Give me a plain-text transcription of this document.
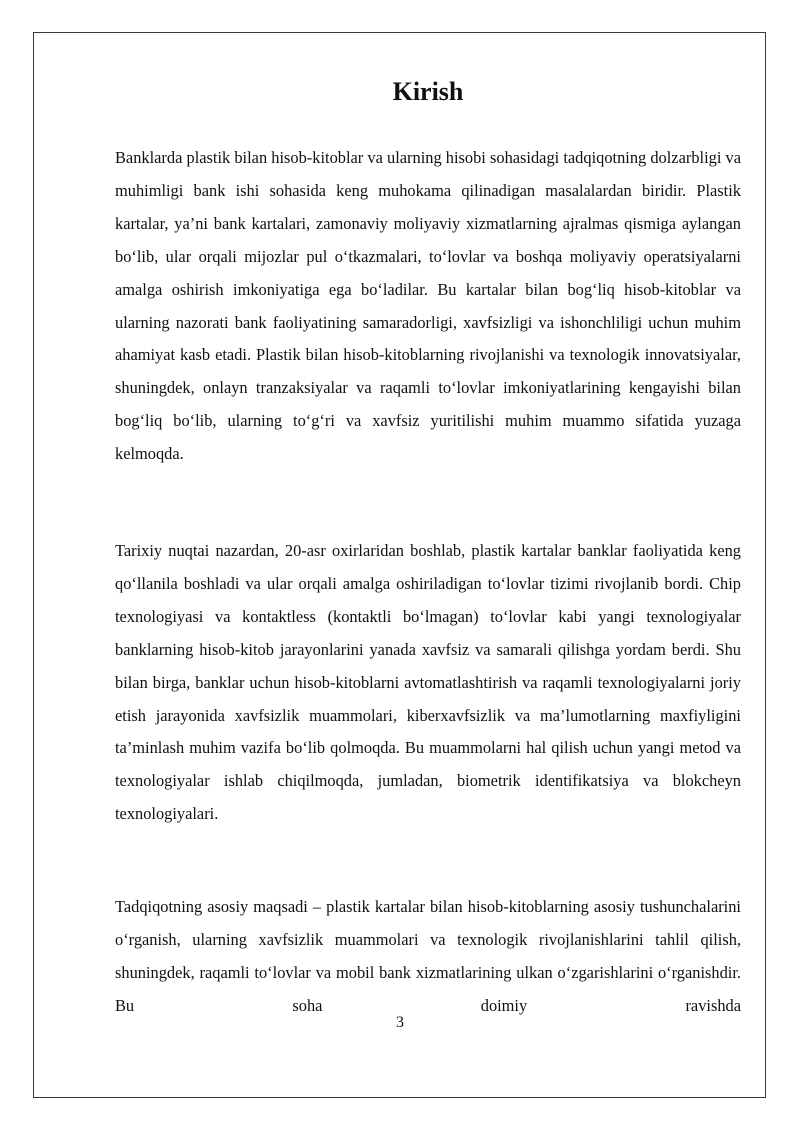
Kirish

Banklarda plastik bilan hisob-kitoblar va ularning hisobi sohasidagi tadqiqotning dolzarbligi va muhimligi bank ishi sohasida keng muhokama qilinadigan masalalardan biridir. Plastik kartalar, ya’ni bank kartalari, zamonaviy moliyaviy xizmatlarning ajralmas qismiga aylangan bo‘lib, ular orqali mijozlar pul o‘tkazmalari, to‘lovlar va boshqa moliyaviy operatsiyalarni amalga oshirish imkoniyatiga ega bo‘ladilar. Bu kartalar bilan bog‘liq hisob-kitoblar va ularning nazorati bank faoliyatining samaradorligi, xavfsizligi va ishonchliligi uchun muhim ahamiyat kasb etadi. Plastik bilan hisob-kitoblarning rivojlanishi va texnologik innovatsiyalar, shuningdek, onlayn tranzaksiyalar va raqamli to‘lovlar imkoniyatlarining kengayishi bilan bog‘liq bo‘lib, ularning to‘g‘ri va xavfsiz yuritilishi muhim muammo sifatida yuzaga kelmoqda.

Tarixiy nuqtai nazardan, 20-asr oxirlaridan boshlab, plastik kartalar banklar faoliyatida keng qo‘llanila boshladi va ular orqali amalga oshiriladigan to‘lovlar tizimi rivojlanib bordi. Chip texnologiyasi va kontaktless (kontaktli bo‘lmagan) to‘lovlar kabi yangi texnologiyalar banklarning hisob-kitob jarayonlarini yanada xavfsiz va samarali qilishga yordam berdi. Shu bilan birga, banklar uchun hisob-kitoblarni avtomatlashtirish va raqamli texnologiyalarni joriy etish jarayonida xavfsizlik muammolari, kiberxavfsizlik va ma’lumotlarning maxfiyligini ta’minlash muhim vazifa bo‘lib qolmoqda. Bu muammolarni hal qilish uchun yangi metod va texnologiyalar ishlab chiqilmoqda, jumladan, biometrik identifikatsiya va blokcheyn texnologiyalari.

Tadqiqotning asosiy maqsadi – plastik kartalar bilan hisob-kitoblarning asosiy tushunchalarini o‘rganish, ularning xavfsizlik muammolari va texnologik rivojlanishlarini tahlil qilish, shuningdek, raqamli to‘lovlar va mobil bank xizmatlarining ulkan o‘zgarishlarini o‘rganishdir. Bu soha doimiy ravishda

3
